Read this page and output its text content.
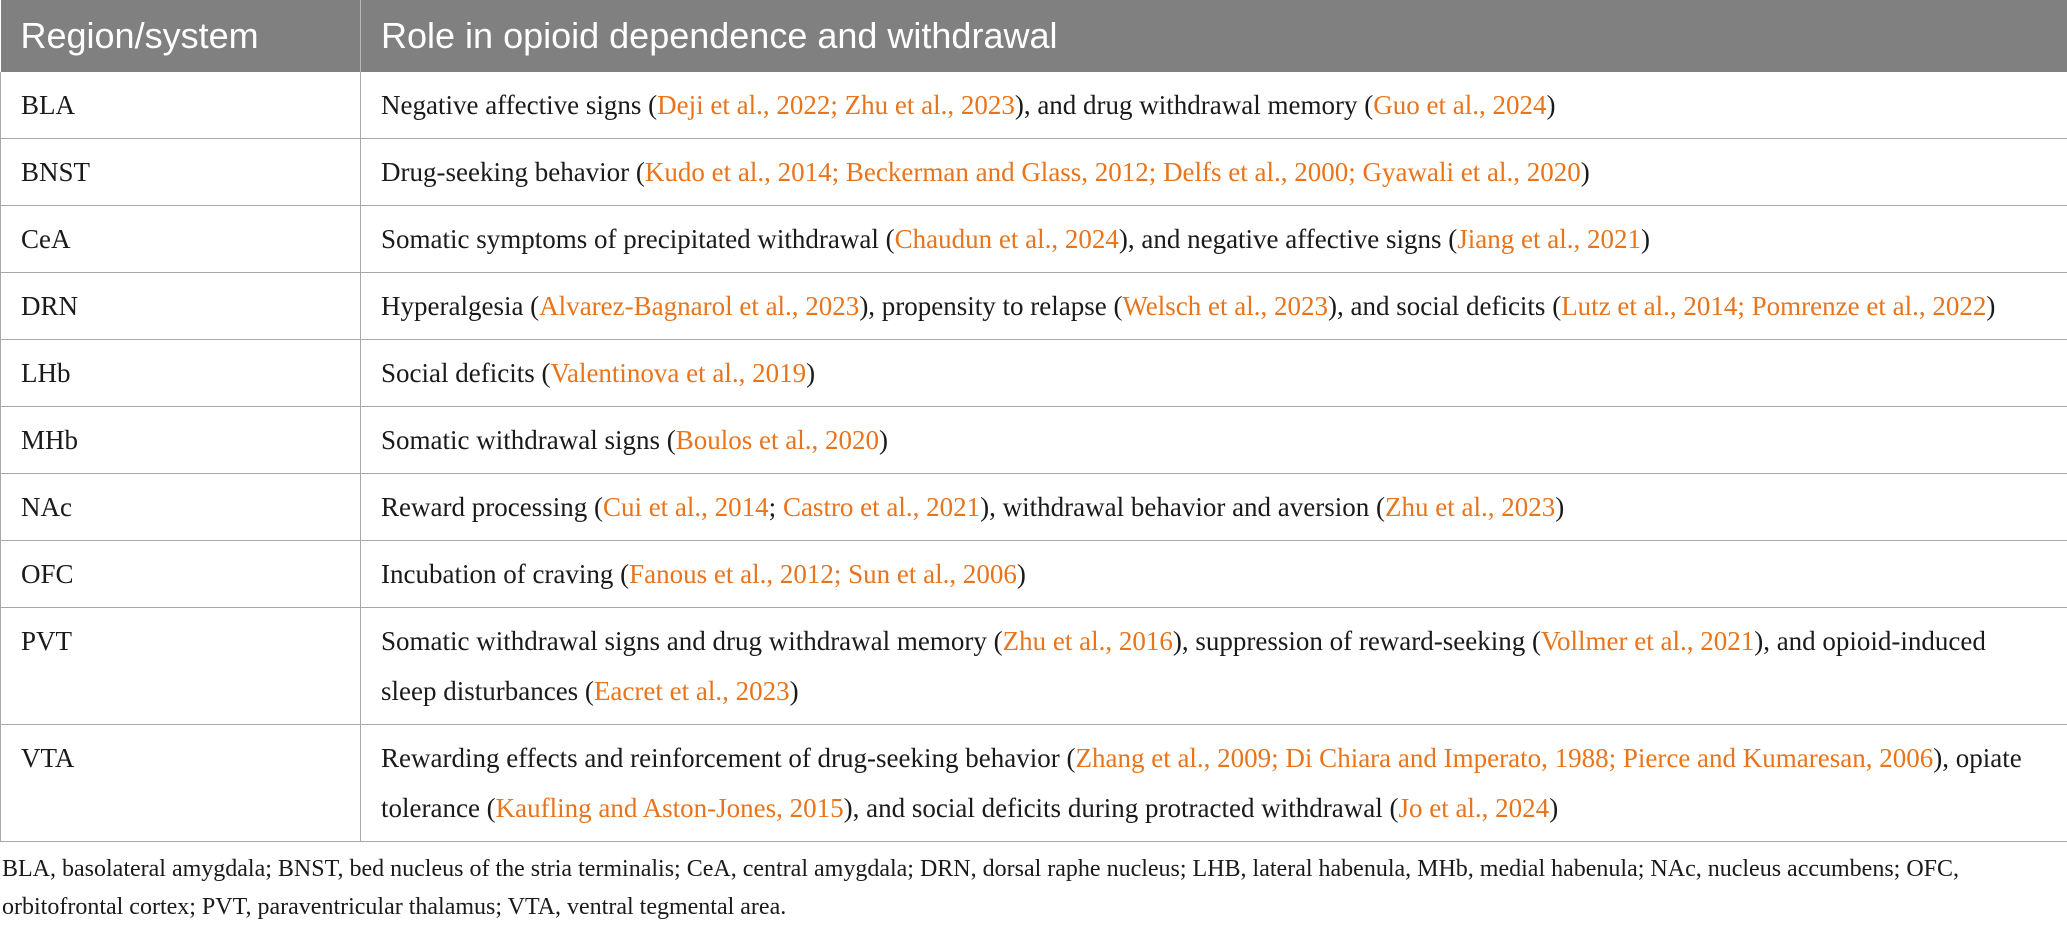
Region/system	Role in opioid dependence and withdrawal
BLA	Negative affective signs (Deji et al., 2022; Zhu et al., 2023), and drug withdrawal memory (Guo et al., 2024)
BNST	Drug-seeking behavior (Kudo et al., 2014; Beckerman and Glass, 2012; Delfs et al., 2000; Gyawali et al., 2020)
CeA	Somatic symptoms of precipitated withdrawal (Chaudun et al., 2024), and negative affective signs (Jiang et al., 2021)
DRN	Hyperalgesia (Alvarez-Bagnarol et al., 2023), propensity to relapse (Welsch et al., 2023), and social deficits (Lutz et al., 2014; Pomrenze et al., 2022)
LHb	Social deficits (Valentinova et al., 2019)
MHb	Somatic withdrawal signs (Boulos et al., 2020)
NAc	Reward processing (Cui et al., 2014; Castro et al., 2021), withdrawal behavior and aversion (Zhu et al., 2023)
OFC	Incubation of craving (Fanous et al., 2012; Sun et al., 2006)
PVT	Somatic withdrawal signs and drug withdrawal memory (Zhu et al., 2016), suppression of reward-seeking (Vollmer et al., 2021), and opioid-induced sleep disturbances (Eacret et al., 2023)
VTA	Rewarding effects and reinforcement of drug-seeking behavior (Zhang et al., 2009; Di Chiara and Imperato, 1988; Pierce and Kumaresan, 2006), opiate tolerance (Kaufling and Aston-Jones, 2015), and social deficits during protracted withdrawal (Jo et al., 2024)
BLA, basolateral amygdala; BNST, bed nucleus of the stria terminalis; CeA, central amygdala; DRN, dorsal raphe nucleus; LHB, lateral habenula, MHb, medial habenula; NAc, nucleus accumbens; OFC, orbitofrontal cortex; PVT, paraventricular thalamus; VTA, ventral tegmental area.
